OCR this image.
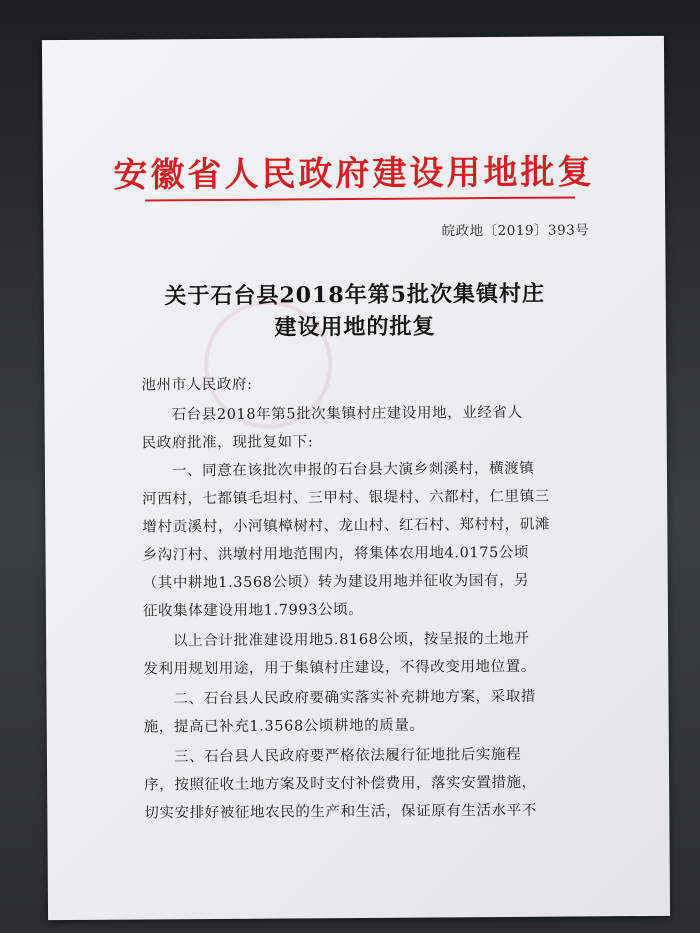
安徽省人民政府建设用地批复
皖政地〔2019〕393号
关于石台县2018年第5批次集镇村庄
建设用地的批复
池州市人民政府:
石台县2018年第5批次集镇村庄建设用地，业经省人
民政府批准，现批复如下:
一、同意在该批次申报的石台县大演乡剡溪村，横渡镇
河西村，七都镇毛坦村、三甲村、银堤村、六都村，仁里镇三
增村贡溪村，小河镇樟树村、龙山村、红石村、郑村村，矶滩
乡沟汀村、洪墩村用地范围内，将集体农用地4.0175公顷
（其中耕地1.3568公顷）转为建设用地并征收为国有，另
征收集体建设用地1.7993公顷。
以上合计批准建设用地5.8168公顷，按呈报的土地开
发利用规划用途，用于集镇村庄建设，不得改变用地位置。
二、石台县人民政府要确实落实补充耕地方案，采取措
施，提高已补充1.3568公顷耕地的质量。
三、石台县人民政府要严格依法履行征地批后实施程
序，按照征收土地方案及时支付补偿费用，落实安置措施，
切实安排好被征地农民的生产和生活，保证原有生活水平不
